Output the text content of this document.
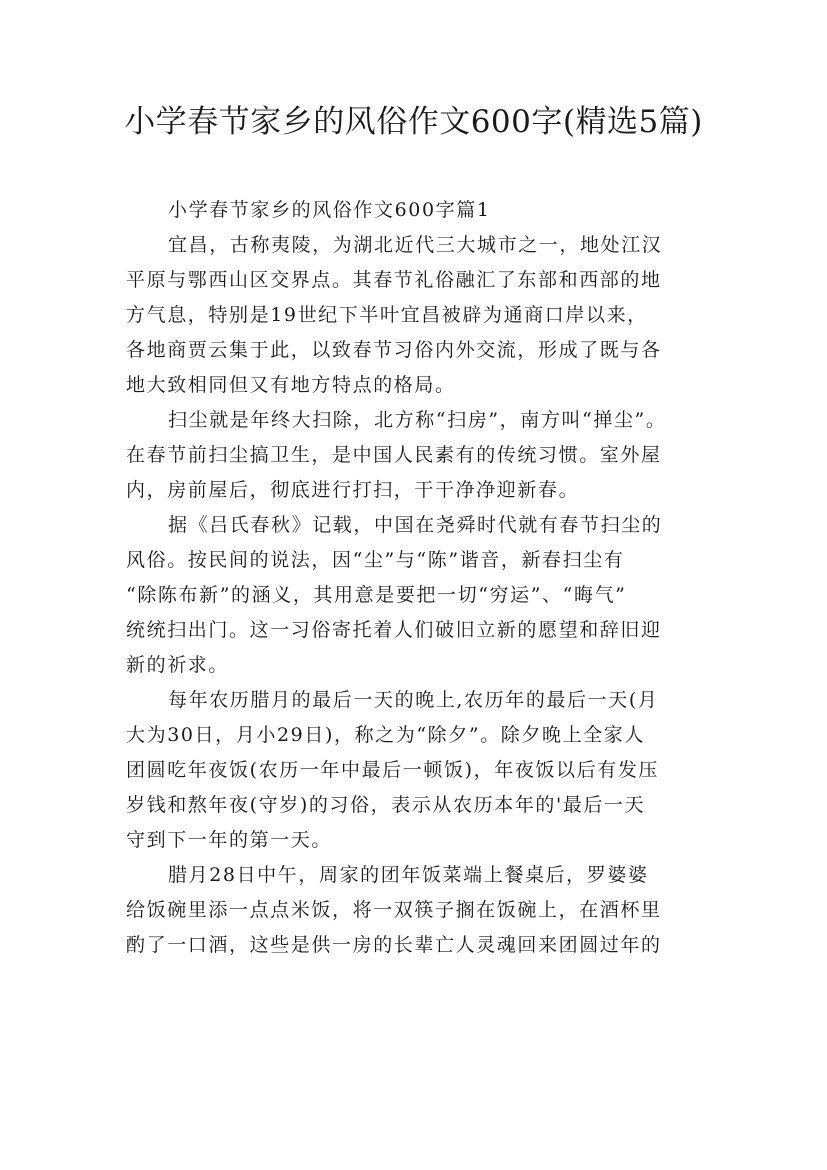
小学春节家乡的风俗作文600字(精选5篇)
小学春节家乡的风俗作文600字篇1
宜昌，古称夷陵，为湖北近代三大城市之一，地处江汉
平原与鄂西山区交界点。其春节礼俗融汇了东部和西部的地
方气息，特别是19世纪下半叶宜昌被辟为通商口岸以来，
各地商贾云集于此，以致春节习俗内外交流，形成了既与各
地大致相同但又有地方特点的格局。
扫尘就是年终大扫除，北方称“扫房”，南方叫“掸尘”。
在春节前扫尘搞卫生，是中国人民素有的传统习惯。室外屋
内，房前屋后，彻底进行打扫，干干净净迎新春。
据《吕氏春秋》记载，中国在尧舜时代就有春节扫尘的
风俗。按民间的说法，因“尘”与“陈”谐音，新春扫尘有
“除陈布新”的涵义，其用意是要把一切“穷运”、“晦气”
统统扫出门。这一习俗寄托着人们破旧立新的愿望和辞旧迎
新的祈求。
每年农历腊月的最后一天的晚上,农历年的最后一天(月
大为30日，月小29日)，称之为“除夕”。除夕晚上全家人
团圆吃年夜饭(农历一年中最后一顿饭)，年夜饭以后有发压
岁钱和熬年夜(守岁)的习俗，表示从农历本年的'最后一天
守到下一年的第一天。
腊月28日中午，周家的团年饭菜端上餐桌后，罗婆婆
给饭碗里添一点点米饭，将一双筷子搁在饭碗上，在酒杯里
酌了一口酒，这些是供一房的长辈亡人灵魂回来团圆过年的
